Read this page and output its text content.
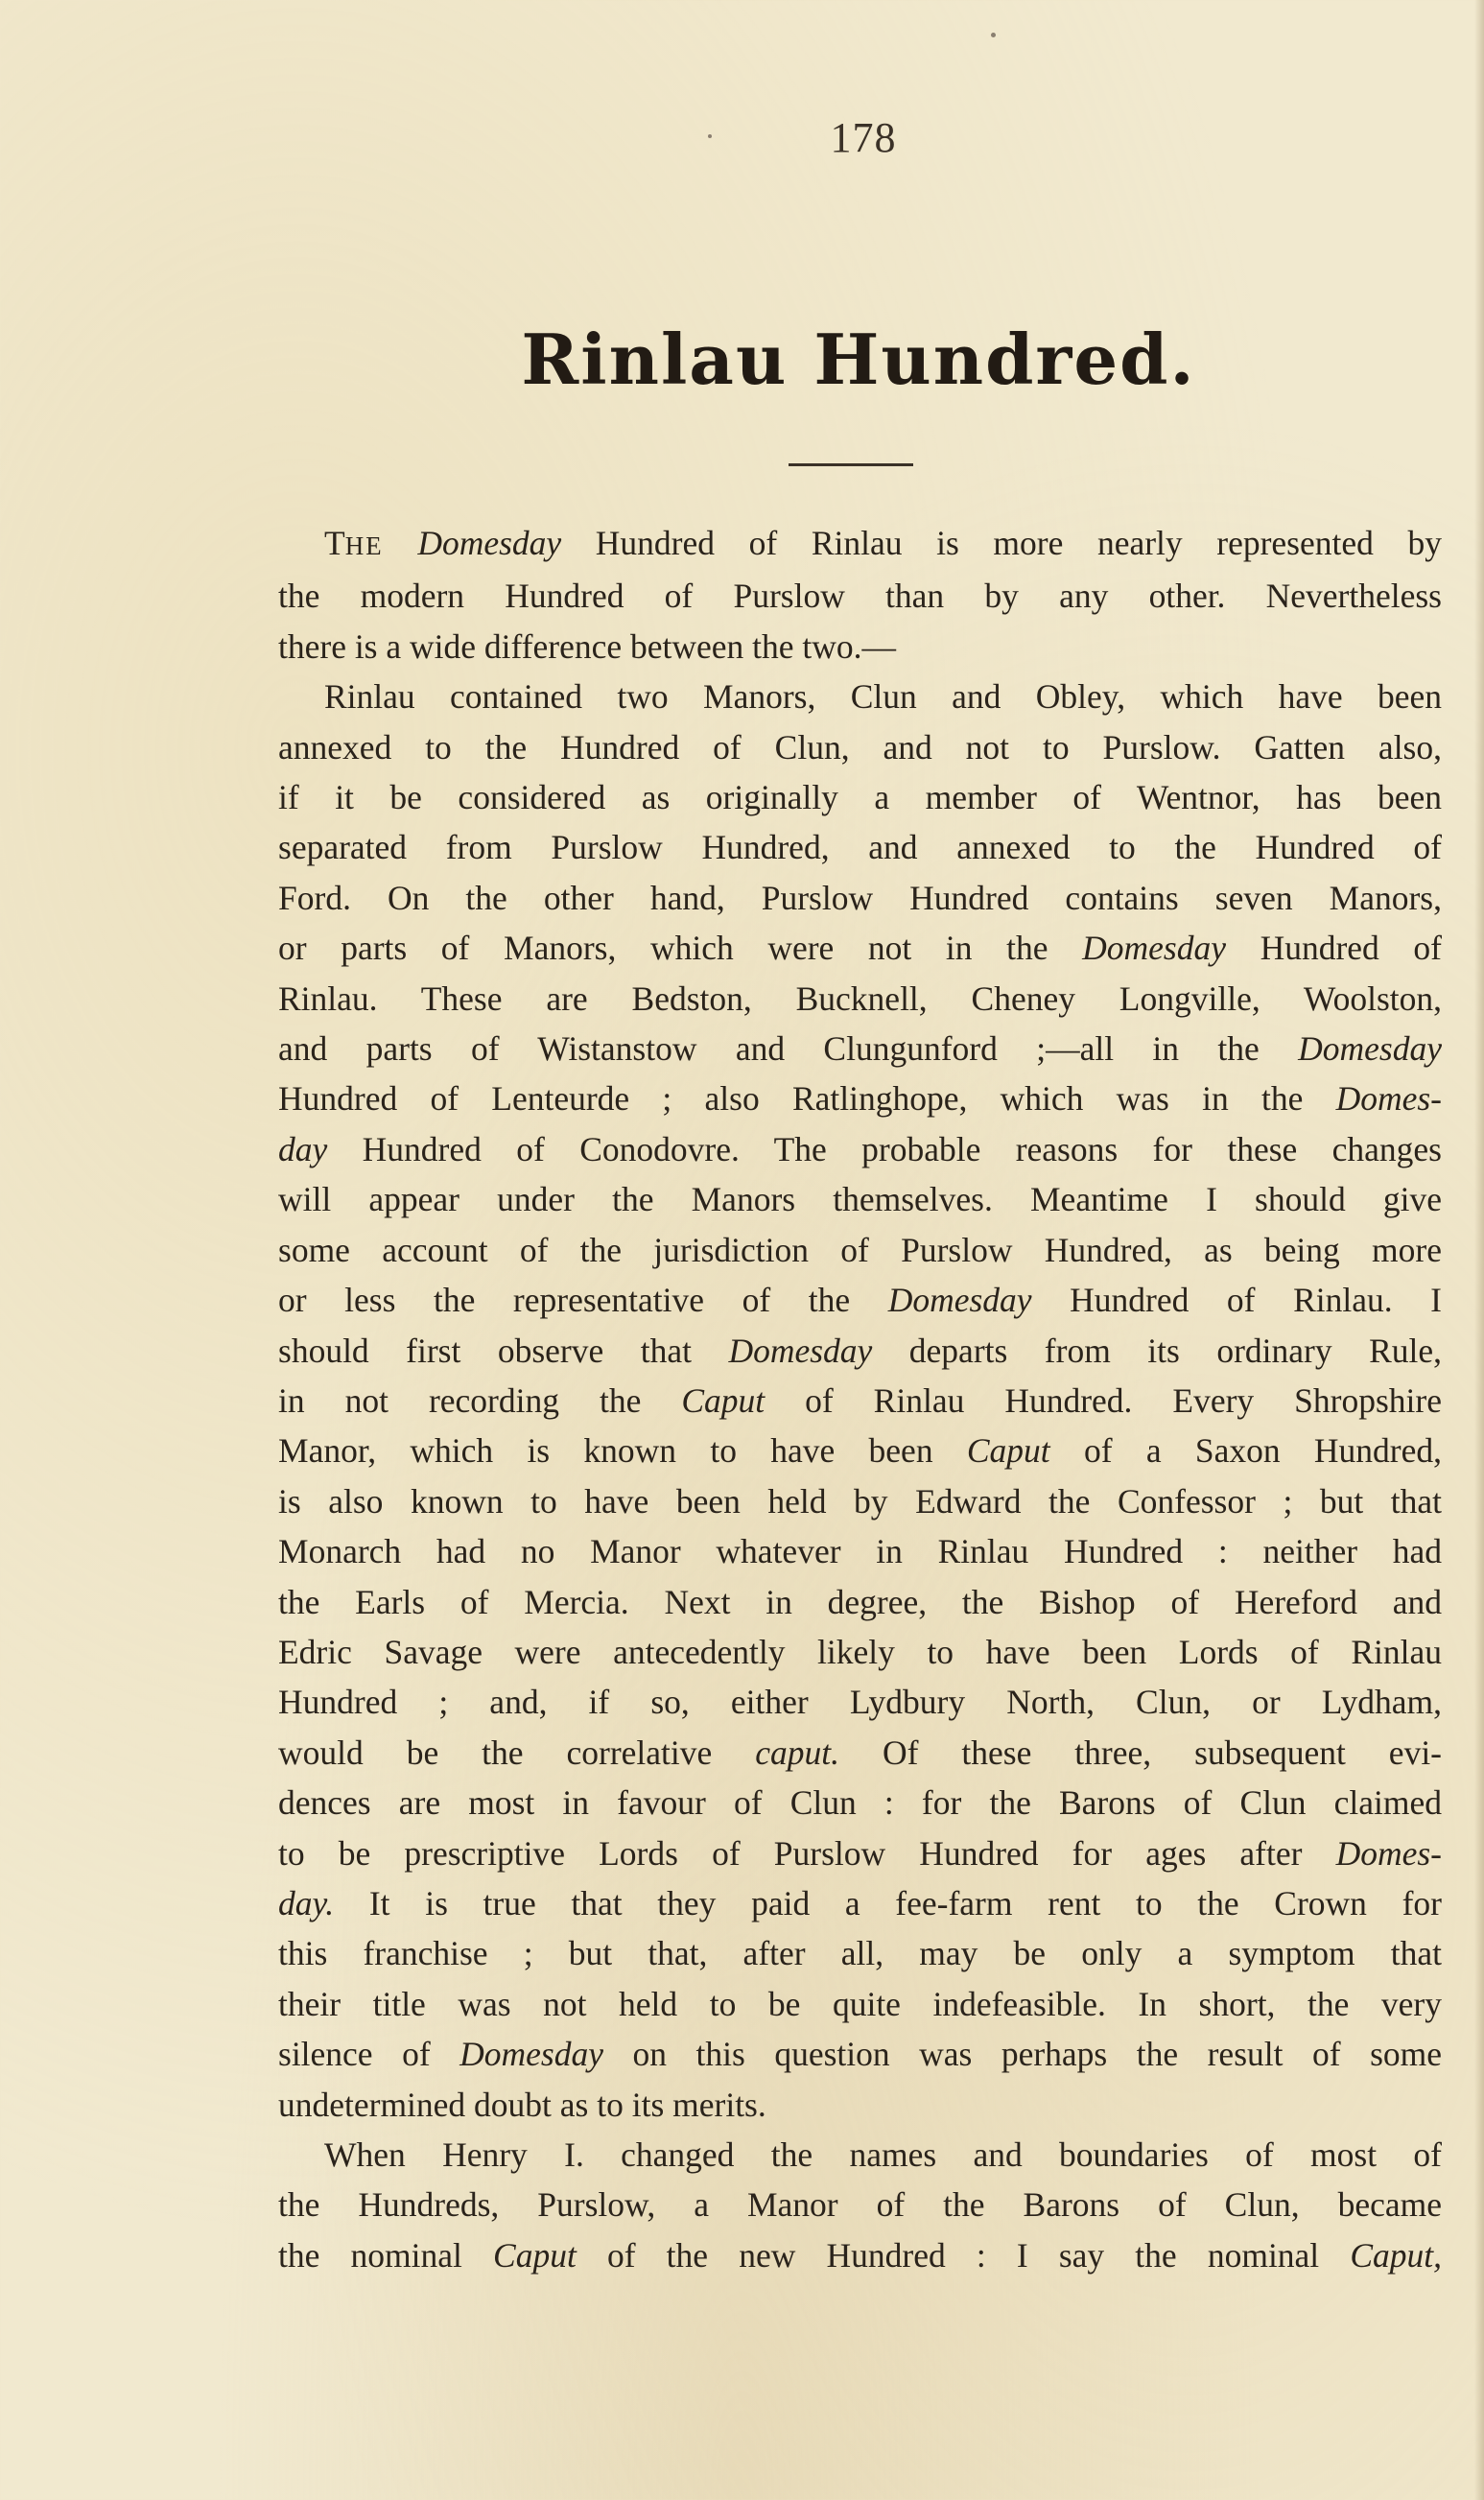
178
Rinlau Hundred.
THE Domesday Hundred of Rinlau is more nearly represented by
the modern Hundred of Purslow than by any other. Nevertheless
there is a wide difference between the two.—
Rinlau contained two Manors, Clun and Obley, which have been
annexed to the Hundred of Clun, and not to Purslow. Gatten also,
if it be considered as originally a member of Wentnor, has been
separated from Purslow Hundred, and annexed to the Hundred of
Ford. On the other hand, Purslow Hundred contains seven Manors,
or parts of Manors, which were not in the Domesday Hundred of
Rinlau. These are Bedston, Bucknell, Cheney Longville, Woolston,
and parts of Wistanstow and Clungunford ;—all in the Domesday
Hundred of Lenteurde ; also Ratlinghope, which was in the Domes-
day Hundred of Conodovre. The probable reasons for these changes
will appear under the Manors themselves. Meantime I should give
some account of the jurisdiction of Purslow Hundred, as being more
or less the representative of the Domesday Hundred of Rinlau. I
should first observe that Domesday departs from its ordinary Rule,
in not recording the Caput of Rinlau Hundred. Every Shropshire
Manor, which is known to have been Caput of a Saxon Hundred,
is also known to have been held by Edward the Confessor ; but that
Monarch had no Manor whatever in Rinlau Hundred : neither had
the Earls of Mercia. Next in degree, the Bishop of Hereford and
Edric Savage were antecedently likely to have been Lords of Rinlau
Hundred ; and, if so, either Lydbury North, Clun, or Lydham,
would be the correlative caput. Of these three, subsequent evi-
dences are most in favour of Clun : for the Barons of Clun claimed
to be prescriptive Lords of Purslow Hundred for ages after Domes-
day. It is true that they paid a fee-farm rent to the Crown for
this franchise ; but that, after all, may be only a symptom that
their title was not held to be quite indefeasible. In short, the very
silence of Domesday on this question was perhaps the result of some
undetermined doubt as to its merits.
When Henry I. changed the names and boundaries of most of
the Hundreds, Purslow, a Manor of the Barons of Clun, became
the nominal Caput of the new Hundred : I say the nominal Caput,
